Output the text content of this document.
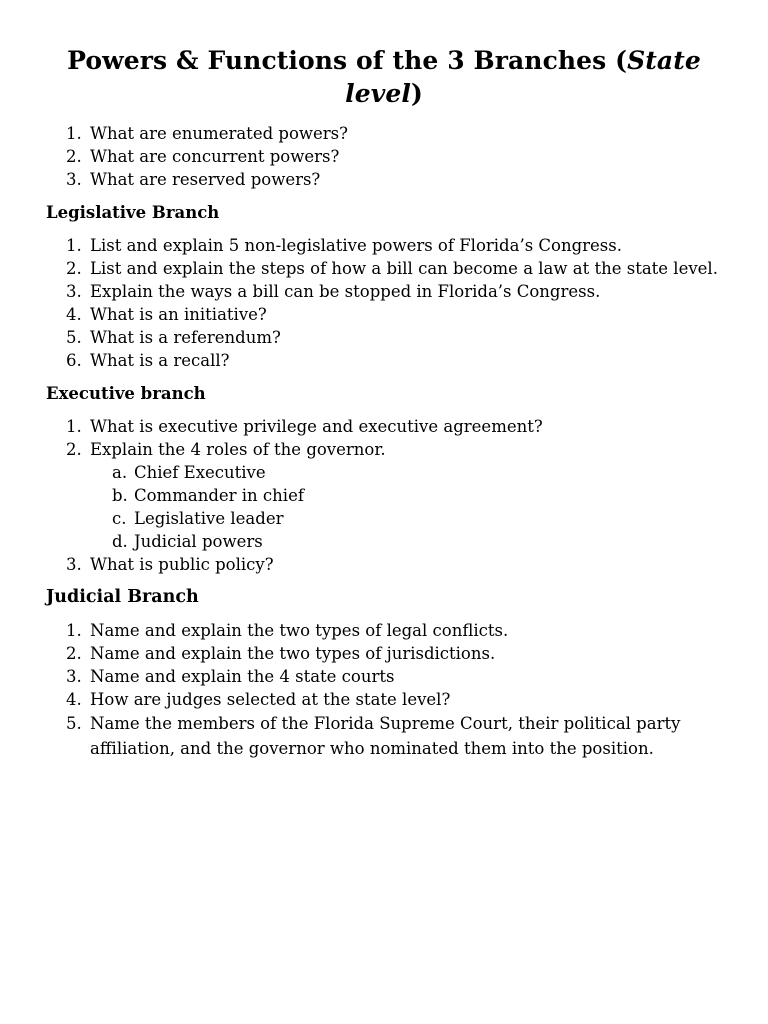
Powers & Functions of the 3 Branches (State level)
1. What are enumerated powers?
2. What are concurrent powers?
3. What are reserved powers?
Legislative Branch
1. List and explain 5 non-legislative powers of Florida’s Congress.
2. List and explain the steps of how a bill can become a law at the state level.
3. Explain the ways a bill can be stopped in Florida’s Congress.
4. What is an initiative?
5. What is a referendum?
6. What is a recall?
Executive branch
1. What is executive privilege and executive agreement?
2. Explain the 4 roles of the governor.
a. Chief Executive
b. Commander in chief
c. Legislative leader
d. Judicial powers
3. What is public policy?
Judicial Branch
1. Name and explain the two types of legal conflicts.
2. Name and explain the two types of jurisdictions.
3. Name and explain the 4 state courts
4. How are judges selected at the state level?
5. Name the members of the Florida Supreme Court, their political party affiliation, and the governor who nominated them into the position.
